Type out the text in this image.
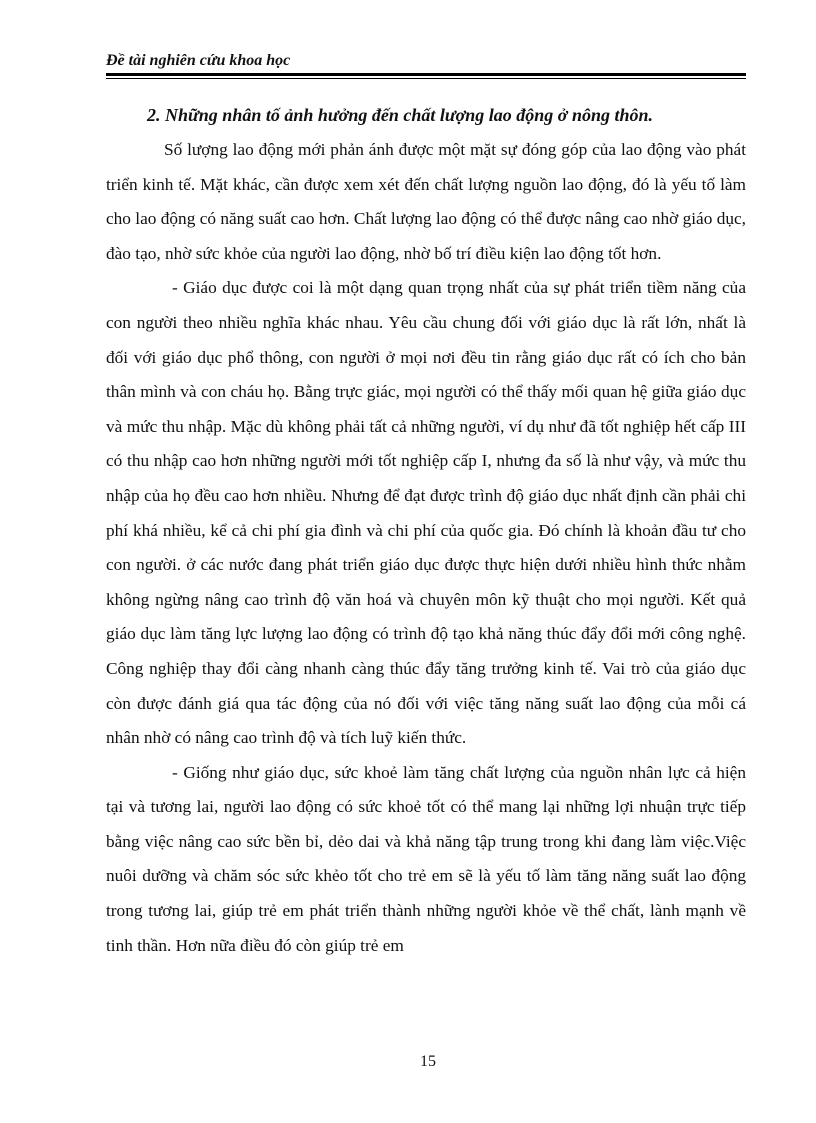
Đề tài nghiên cứu khoa học

2. Những nhân tố ảnh hưởng đến chất lượng lao động ở nông thôn.

Số lượng lao động mới phản ánh được một mặt sự đóng góp của lao động vào phát triển kinh tế. Mặt khác, cần được xem xét đến chất lượng nguồn lao động, đó là yếu tố làm cho lao động có năng suất cao hơn. Chất lượng lao động có thể được nâng cao nhờ giáo dục, đào tạo, nhờ sức khỏe của người lao động, nhờ bố trí điều kiện lao động tốt hơn.

- Giáo dục được coi là một dạng quan trọng nhất của sự phát triển tiềm năng của con người theo nhiều nghĩa khác nhau. Yêu cầu chung đối với giáo dục là rất lớn, nhất là đối với giáo dục phổ thông, con người ở mọi nơi đều tin rằng giáo dục rất có ích cho bản thân mình và con cháu họ. Bằng trực giác, mọi người có thể thấy mối quan hệ giữa giáo dục và mức thu nhập. Mặc dù không phải tất cả những người, ví dụ như đã tốt nghiệp hết cấp III có thu nhập cao hơn những người mới tốt nghiệp cấp I, nhưng đa số là như vậy, và mức thu nhập của họ đều cao hơn nhiều. Nhưng để đạt được trình độ giáo dục nhất định cần phải chi phí khá nhiều, kể cả chi phí gia đình và chi phí của quốc gia. Đó chính là khoản đầu tư cho con người. ở các nước đang phát triển giáo dục được thực hiện dưới nhiều hình thức nhằm không ngừng nâng cao trình độ văn hoá và chuyên môn kỹ thuật cho mọi người. Kết quả giáo dục làm tăng lực lượng lao động có trình độ tạo khả năng thúc đẩy đổi mới công nghệ. Công nghiệp thay đổi càng nhanh càng thúc đẩy tăng trưởng kinh tế. Vai trò của giáo dục còn được đánh giá qua tác động của nó đối với việc tăng năng suất lao động của mỗi cá nhân nhờ có nâng cao trình độ và tích luỹ kiến thức.

- Giống như giáo dục, sức khoẻ làm tăng chất lượng của nguồn nhân lực cả hiện tại và tương lai, người lao động có sức khoẻ tốt có thể mang lại những lợi nhuận trực tiếp bằng việc nâng cao sức bền bỉ, dẻo dai và khả năng tập trung trong khi đang làm việc.Việc nuôi dưỡng và chăm sóc sức khẻo tốt cho trẻ em sẽ là yếu tố làm tăng năng suất lao động trong tương lai, giúp trẻ em phát triển thành những người khỏe về thể chất, lành mạnh về tinh thần. Hơn nữa điều đó còn giúp trẻ em

15
